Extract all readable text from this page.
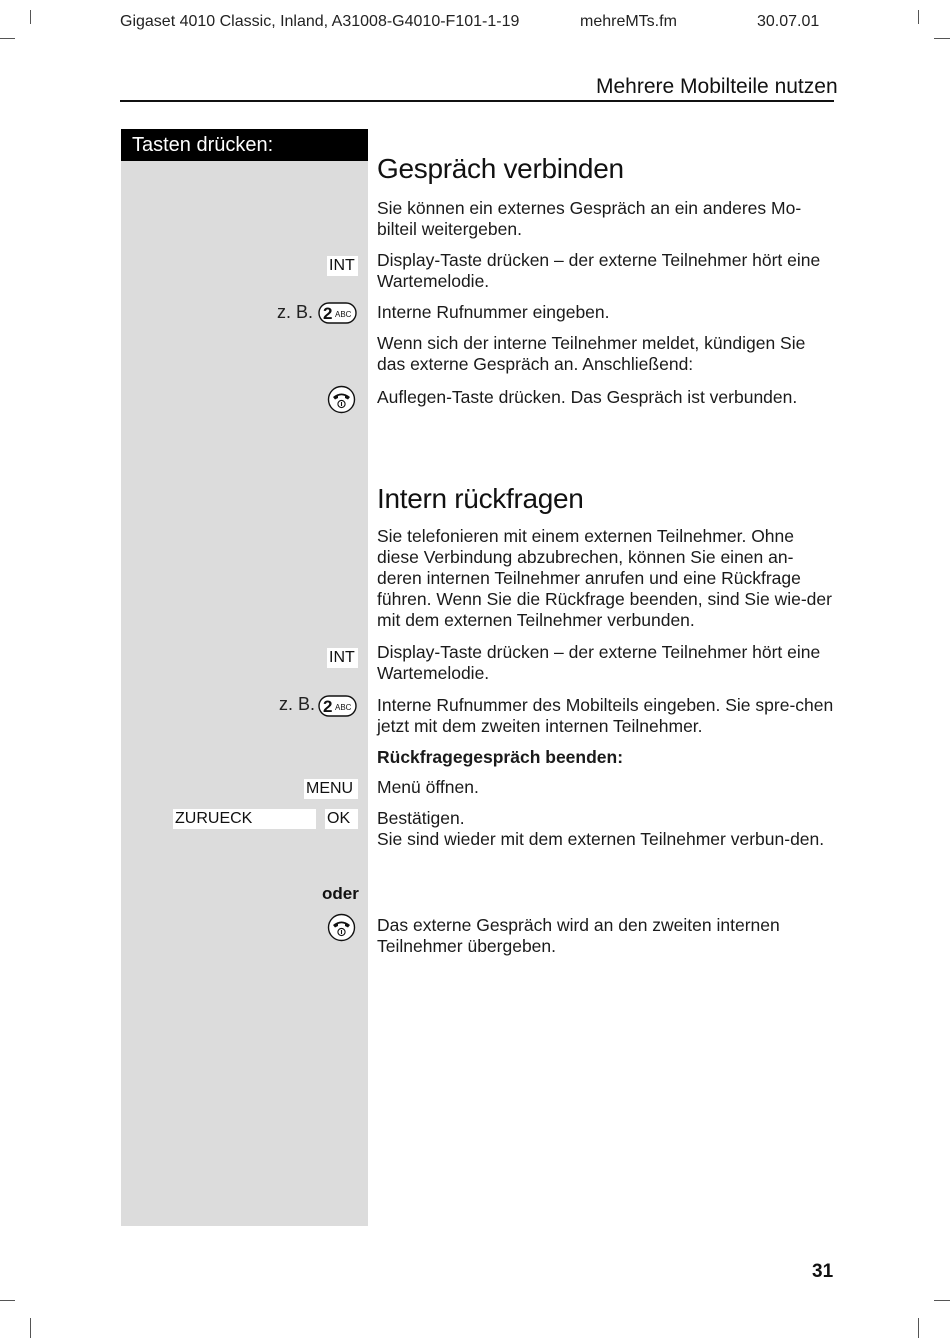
Gigaset 4010 Classic, Inland, A31008-G4010-F101-1-19	mehreMTs.fm	30.07.01
Mehrere Mobilteile nutzen
Tasten drücken:
Gespräch verbinden
Sie können ein externes Gespräch an ein anderes Mo-bilteil weitergeben.
INT Display-Taste drücken – der externe Teilnehmer hört eine Wartemelodie.
z. B. 2 ABC Interne Rufnummer eingeben.
Wenn sich der interne Teilnehmer meldet, kündigen Sie das externe Gespräch an. Anschließend:
Auflegen-Taste drücken. Das Gespräch ist verbunden.
Intern rückfragen
Sie telefonieren mit einem externen Teilnehmer. Ohne diese Verbindung abzubrechen, können Sie einen an-deren internen Teilnehmer anrufen und eine Rückfrage führen. Wenn Sie die Rückfrage beenden, sind Sie wie-der mit dem externen Teilnehmer verbunden.
INT Display-Taste drücken – der externe Teilnehmer hört eine Wartemelodie.
z. B. 2 ABC Interne Rufnummer des Mobilteils eingeben. Sie spre-chen jetzt mit dem zweiten internen Teilnehmer.
Rückfragegespräch beenden:
MENU Menü öffnen.
ZURUECK	OK	Bestätigen.
Sie sind wieder mit dem externen Teilnehmer verbun-den.
oder
Das externe Gespräch wird an den zweiten internen Teilnehmer übergeben.
31
